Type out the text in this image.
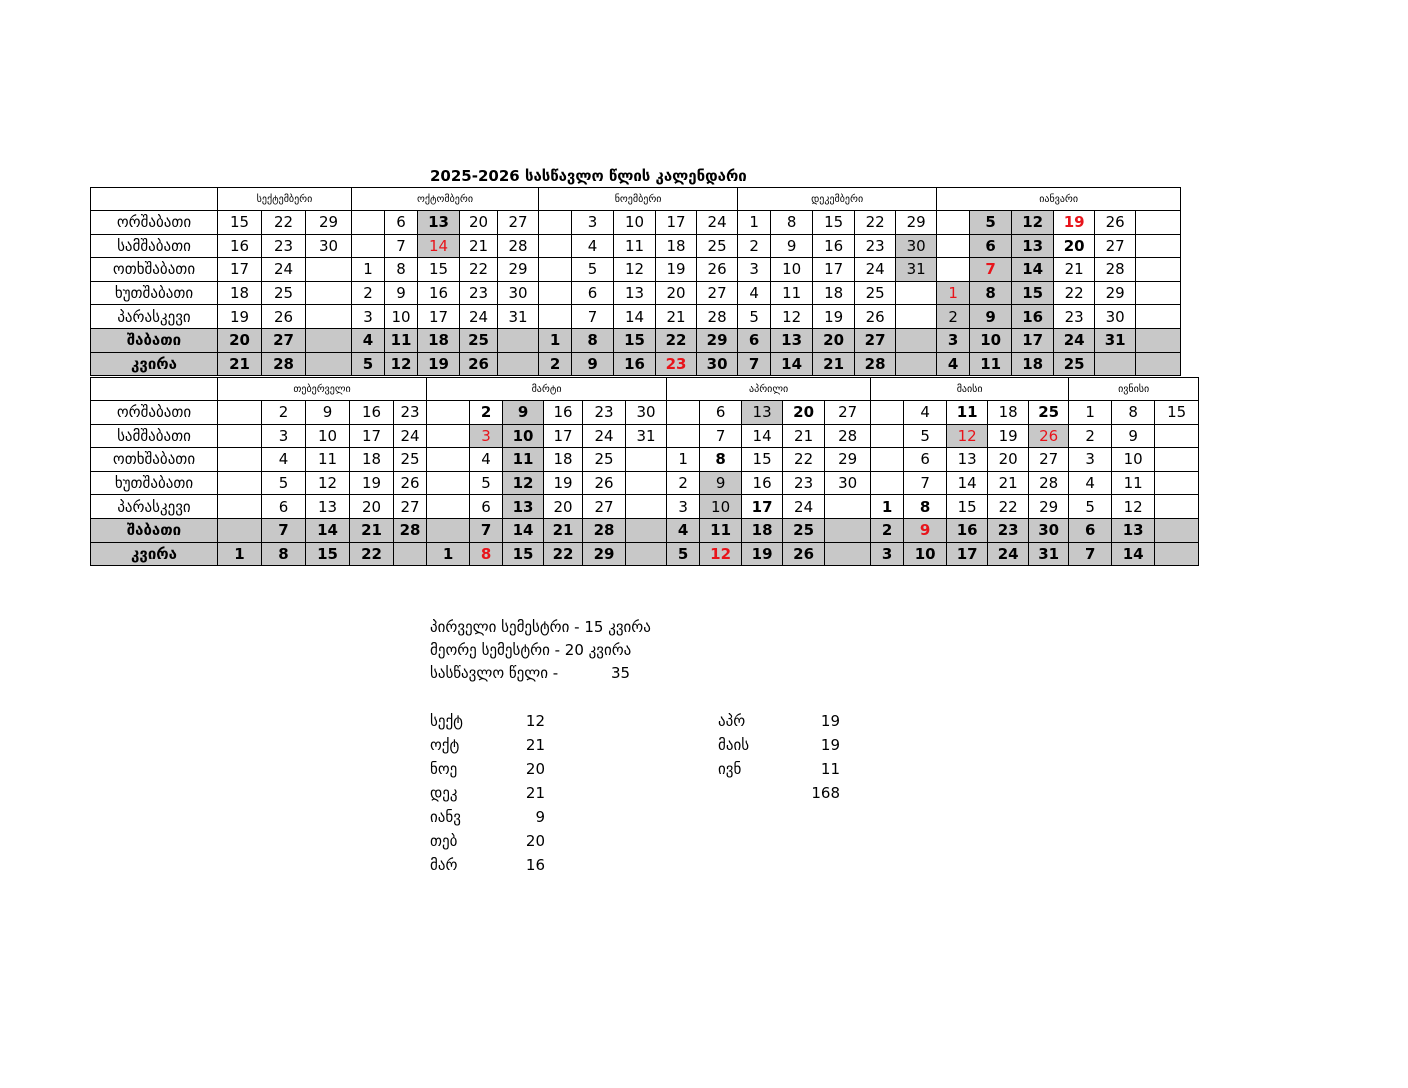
2025-2026 სასწავლო წლის კალენდარი
	სექტემბერი			ოქტომბერი					ნოემბერი					დეკემბერი					იანვარი					
ორშაბათი	15	22	29		6	13	20	27		3	10	17	24	1	8	15	22	29		5	12	19	26	
სამშაბათი	16	23	30		7	14	21	28		4	11	18	25	2	9	16	23	30		6	13	20	27	
ოთხშაბათი	17	24		1	8	15	22	29		5	12	19	26	3	10	17	24	31		7	14	21	28	
ხუთშაბათი	18	25		2	9	16	23	30		6	13	20	27	4	11	18	25		1	8	15	22	29	
პარასკევი	19	26		3	10	17	24	31		7	14	21	28	5	12	19	26		2	9	16	23	30	
შაბათი	20	27		4	11	18	25		1	8	15	22	29	6	13	20	27		3	10	17	24	31	
კვირა	21	28		5	12	19	26		2	9	16	23	30	7	14	21	28		4	11	18	25		
	თებერველი					მარტი						აპრილი					მაისი					ივნისი		
ორშაბათი		2	9	16	23		2	9	16	23	30		6	13	20	27		4	11	18	25	1	8	15
სამშაბათი		3	10	17	24		3	10	17	24	31		7	14	21	28		5	12	19	26	2	9	
ოთხშაბათი		4	11	18	25		4	11	18	25		1	8	15	22	29		6	13	20	27	3	10	
ხუთშაბათი		5	12	19	26		5	12	19	26		2	9	16	23	30		7	14	21	28	4	11	
პარასკევი		6	13	20	27		6	13	20	27		3	10	17	24		1	8	15	22	29	5	12	
შაბათი		7	14	21	28		7	14	21	28		4	11	18	25		2	9	16	23	30	6	13	
კვირა	1	8	15	22		1	8	15	22	29		5	12	19	26		3	10	17	24	31	7	14	
პირველი სემესტრი - 15 კვირა
მეორე სემესტრი - 20 კვირა
სასწავლო წელი -	35
სექტ	12
ოქტ	21
ნოე	20
დეკ	21
იანვ	9
თებ	20
მარ	16
აპრ	19
მაის	19
ივნ	11
168
